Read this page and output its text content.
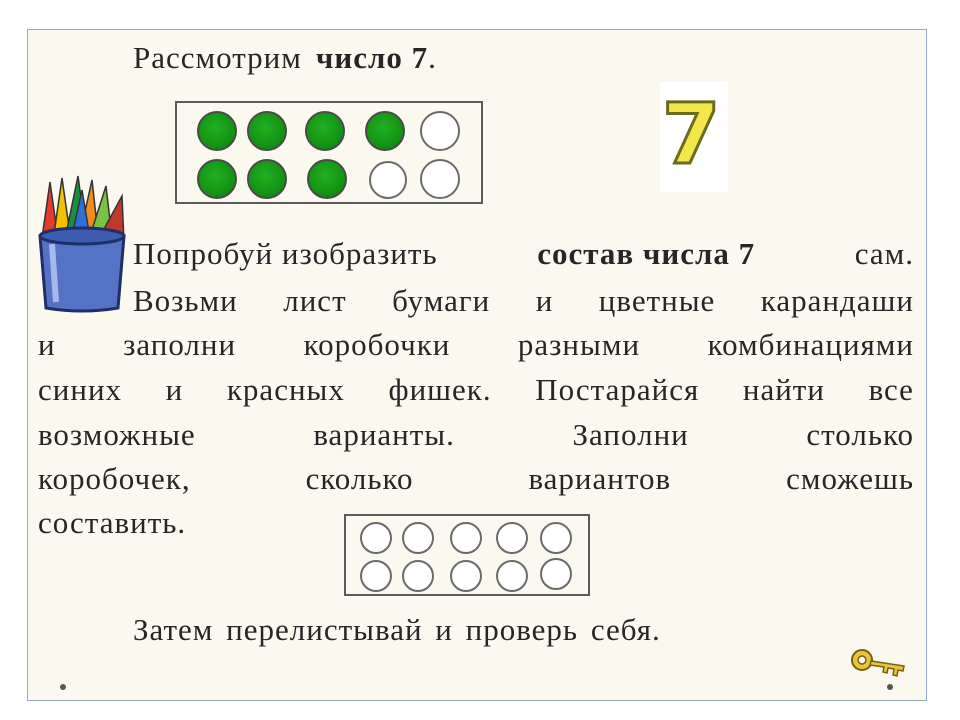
Рассмотрим число 7.
7
Попробуй изобразить	состав числа 7	сам.
Возьми лист бумаги и цветные карандаши
и заполни коробочки разными комбинациями
синих и красных фишек. Постарайся найти все
возможные	варианты.	Заполни	столько
коробочек,	сколько	вариантов	сможешь
составить.
Затем перелистывай и проверь себя.
